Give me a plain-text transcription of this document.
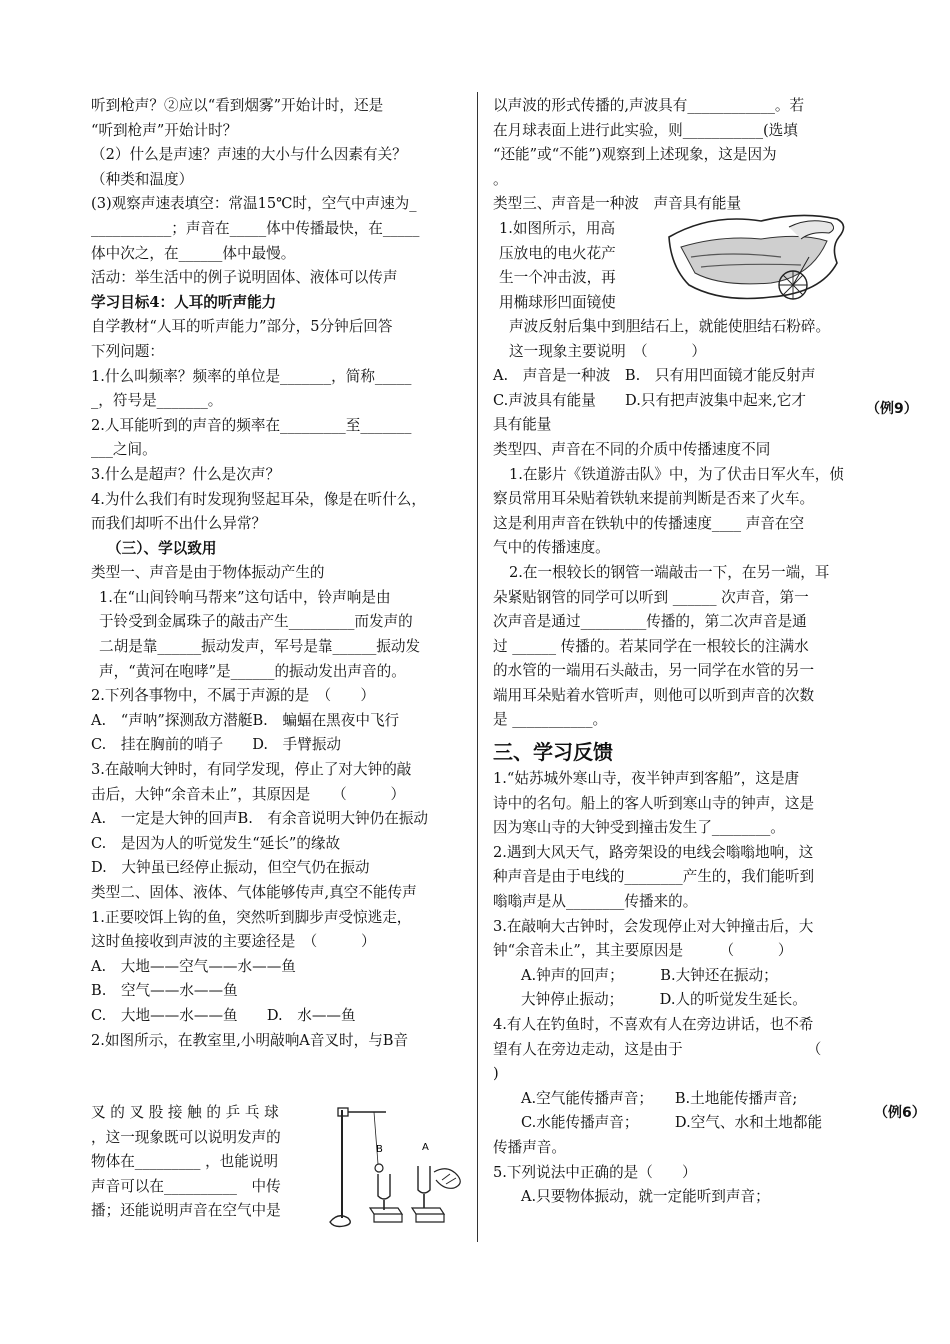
听到枪声？②应以“看到烟雾”开始计时，还是
“听到枪声”开始计时？
（2）什么是声速？声速的大小与什么因素有关？
（种类和温度）
(3)观察声速表填空：常温15℃时，空气中声速为_
___________；声音在_____体中传播最快，在_____
体中次之，在______体中最慢。
活动：举生活中的例子说明固体、液体可以传声
学习目标4：人耳的听声能力
自学教材“人耳的听声能力”部分，5分钟后回答
下列问题：
1.什么叫频率？频率的单位是_______，简称_____
_，符号是_______。
2.人耳能听到的声音的频率在_________至_______
___之间。
3.什么是超声？什么是次声？
4.为什么我们有时发现狗竖起耳朵，像是在听什么，
而我们却听不出什么异常？
（三）、学以致用
类型一、声音是由于物体振动产生的
1.在“山间铃响马帮来”这句话中，铃声响是由
于铃受到金属珠子的敲击产生_________而发声的
二胡是靠______振动发声，军号是靠______振动发
声，“黄河在咆哮”是______的振动发出声音的。
2.下列各事物中，不属于声源的是　（　　）
A.　“声呐”探测敌方潜艇B.　蝙蝠在黑夜中飞行
C.　挂在胸前的哨子　　D.　手臂振动
3.在敲响大钟时，有同学发现，停止了对大钟的敲
击后，大钟“余音未止”，其原因是　　（　　　）
A.　一定是大钟的回声B.　有余音说明大钟仍在振动
C.　是因为人的听觉发生“延长”的缘故
D.　大钟虽已经停止振动，但空气仍在振动
类型二、固体、液体、气体能够传声,真空不能传声
1.正要咬饵上钩的鱼，突然听到脚步声受惊逃走，
这时鱼接收到声波的主要途径是　（　　　）
A.　大地——空气——水——鱼
B.　空气——水——鱼
C.　大地——水——鱼　　D.　水——鱼
2.如图所示，在教室里,小明敲响A音叉时，与B音
叉 的 叉 股 接 触 的 乒 乓 球
，这一现象既可以说明发声的
物体在_________ ，也能说明
声音可以在__________　中传
播；还能说明声音在空气中是
B	A
以声波的形式传播的,声波具有____________。若
在月球表面上进行此实验，则___________(选填
“还能”或“不能”)观察到上述现象，这是因为
。
类型三、声音是一种波　声音具有能量
1.如图所示，用高
压放电的电火花产
生一个冲击波，再
用椭球形凹面镜使
声波反射后集中到胆结石上，就能使胆结石粉碎。
这一现象主要说明　（　　　）
A.　声音是一种波　B.　只有用凹面镜才能反射声
C.声波具有能量　　D.只有把声波集中起来,它才
具有能量
类型四、声音在不同的介质中传播速度不同
1.在影片《铁道游击队》中，为了伏击日军火车，侦
察员常用耳朵贴着铁轨来提前判断是否来了火车。
这是利用声音在铁轨中的传播速度____ 声音在空
气中的传播速度。
2.在一根较长的钢管一端敲击一下，在另一端，耳
朵紧贴钢管的同学可以听到 ______ 次声音，第一
次声音是通过_________传播的，第二次声音是通
过 ______ 传播的。若某同学在一根较长的注满水
的水管的一端用石头敲击，另一同学在水管的另一
端用耳朵贴着水管听声，则他可以听到声音的次数
是 ___________。
三、学习反馈
1.“姑苏城外寒山寺，夜半钟声到客船”，这是唐
诗中的名句。船上的客人听到寒山寺的钟声，这是
因为寒山寺的大钟受到撞击发生了________。
2.遇到大风天气，路旁架设的电线会嗡嗡地响，这
种声音是由于电线的________产生的，我们能听到
嗡嗡声是从________传播来的。
3.在敲响大古钟时，会发现停止对大钟撞击后，大
钟“余音未止”，其主要原因是　　　（　　　）
A.钟声的回声；　　　B.大钟还在振动；
大钟停止振动；　　　D.人的听觉发生延长。
4.有人在钓鱼时，不喜欢有人在旁边讲话，也不希
望有人在旁边走动，这是由于　　　　　　　　　（
)
A.空气能传播声音；　　B.土地能传播声音;
C.水能传播声音；　　　D.空气、水和土地都能
传播声音。
5.下列说法中正确的是（　　）
A.只要物体振动，就一定能听到声音；
（例9）
（例6）
